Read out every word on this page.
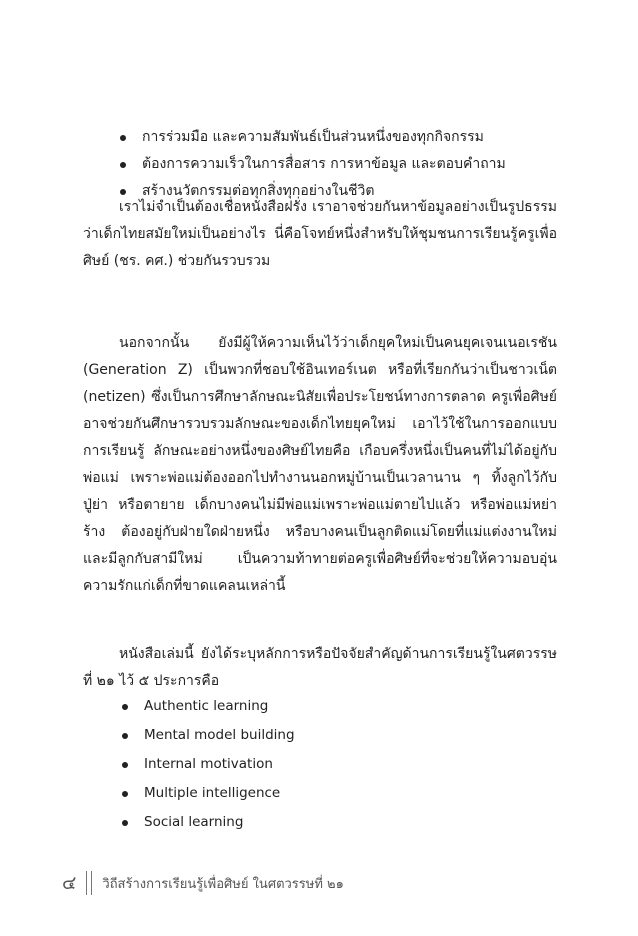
การร่วมมือ และความสัมพันธ์เป็นส่วนหนึ่งของทุกกิจกรรม
ต้องการความเร็วในการสื่อสาร การหาข้อมูล และตอบคำถาม
สร้างนวัตกรรมต่อทุกสิ่งทุกอย่างในชีวิต

เราไม่จำเป็นต้องเชื่อหนังสือฝรั่ง เราอาจช่วยกันหาข้อมูลอย่างเป็นรูปธรรมว่าเด็กไทยสมัยใหม่เป็นอย่างไร นี่คือโจทย์หนึ่งสำหรับให้ชุมชนการเรียนรู้ครูเพื่อศิษย์ (ชร. คศ.) ช่วยกันรวบรวม

นอกจากนั้น ยังมีผู้ให้ความเห็นไว้ว่าเด็กยุคใหม่เป็นคนยุคเจนเนอเรชัน (Generation Z) เป็นพวกที่ชอบใช้อินเทอร์เนต หรือที่เรียกกันว่าเป็นชาวเน็ต (netizen) ซึ่งเป็นการศึกษาลักษณะนิสัยเพื่อประโยชน์ทางการตลาด ครูเพื่อศิษย์อาจช่วยกันศึกษารวบรวมลักษณะของเด็กไทยยุคใหม่ เอาไว้ใช้ในการออกแบบการเรียนรู้ ลักษณะอย่างหนึ่งของศิษย์ไทยคือ เกือบครึ่งหนึ่งเป็นคนที่ไม่ได้อยู่กับพ่อแม่ เพราะพ่อแม่ต้องออกไปทำงานนอกหมู่บ้านเป็นเวลานาน ๆ ทิ้งลูกไว้กับปู่ย่า หรือตายาย เด็กบางคนไม่มีพ่อแม่เพราะพ่อแม่ตายไปแล้ว หรือพ่อแม่หย่าร้าง ต้องอยู่กับฝ่ายใดฝ่ายหนึ่ง หรือบางคนเป็นลูกติดแม่โดยที่แม่แต่งงานใหม่และมีลูกกับสามีใหม่ เป็นความท้าทายต่อครูเพื่อศิษย์ที่จะช่วยให้ความอบอุ่น ความรักแก่เด็กที่ขาดแคลนเหล่านี้

หนังสือเล่มนี้ ยังได้ระบุหลักการหรือปัจจัยสำคัญด้านการเรียนรู้ในศตวรรษที่ ๒๑ ไว้ ๕ ประการคือ

Authentic learning
Mental model building
Internal motivation
Multiple intelligence
Social learning
๔ วิถีสร้างการเรียนรู้เพื่อศิษย์ ในศตวรรษที่ ๒๑
